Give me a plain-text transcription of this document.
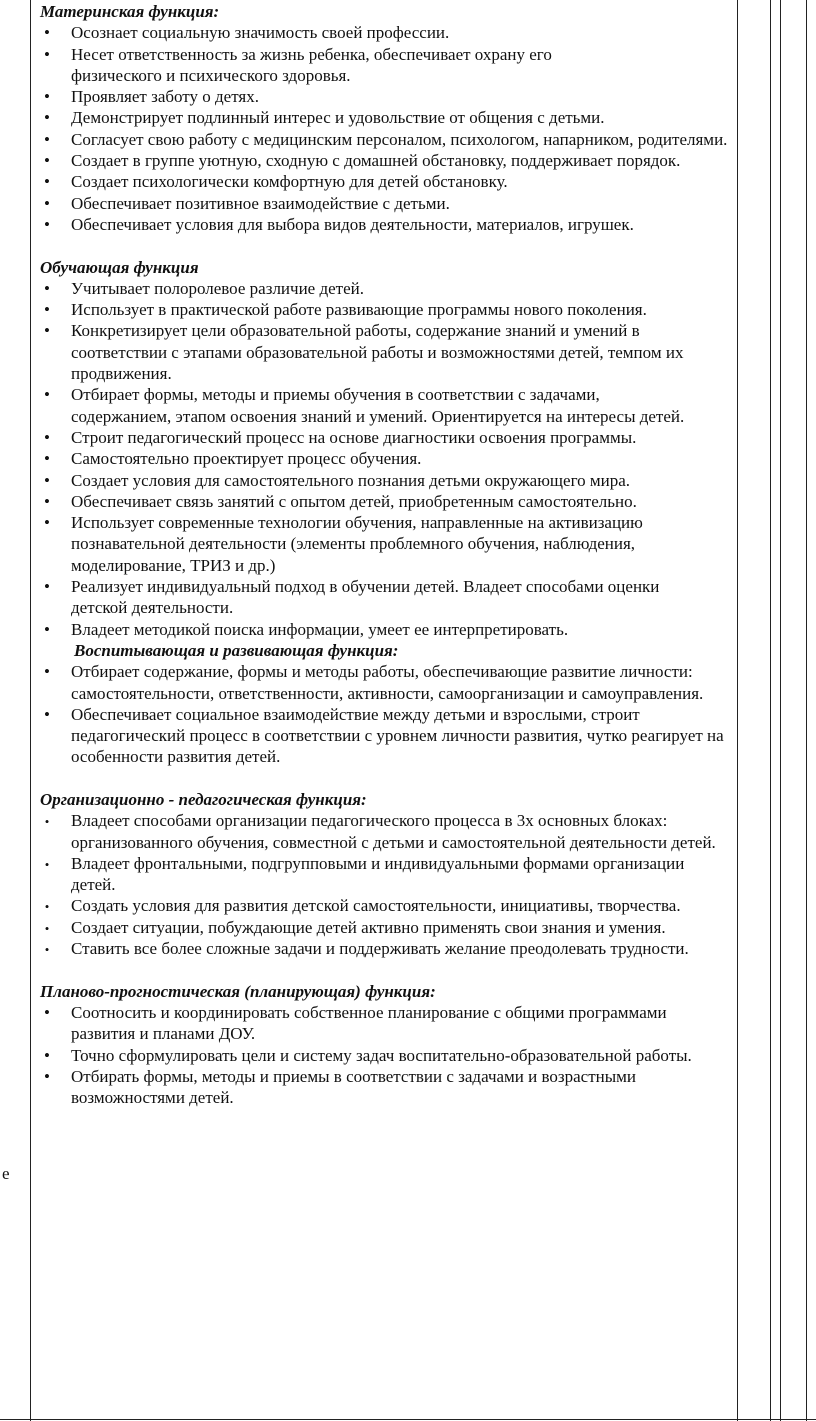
е

Материнская функция:

•
Осознает социальную значимость своей профессии.
•
Несет ответственность за жизнь ребенка, обеспечивает охрану его физического и психического здоровья.
•
Проявляет заботу о детях.
•
Демонстрирует подлинный интерес и удовольствие от общения с детьми.
•
Согласует свою работу с медицинским персоналом, психологом, напарником, родителями.
•
Создает в группе уютную, сходную с домашней обстановку, поддерживает порядок.
•
Создает психологически комфортную для детей обстановку.
•
Обеспечивает позитивное взаимодействие с детьми.
•
Обеспечивает условия для выбора видов деятельности, материалов, игрушек.

Обучающая функция

•
Учитывает полоролевое различие детей.
•
Использует в практической работе развивающие программы нового поколения.
•
Конкретизирует цели образовательной работы, содержание знаний и умений в соответствии с этапами образовательной работы и возможностями детей, темпом их продвижения.
•
Отбирает формы, методы и приемы обучения в соответствии с задачами, содержанием, этапом освоения знаний и умений. Ориентируется на интересы детей.
•
Строит педагогический процесс на основе диагностики освоения программы.
•
Самостоятельно проектирует процесс обучения.
•
Создает условия для самостоятельного познания детьми окружающего мира.
•
Обеспечивает связь занятий с опытом детей, приобретенным самостоятельно.
•
Использует современные технологии обучения, направленные на активизацию познавательной деятельности (элементы проблемного обучения, наблюдения, моделирование, ТРИЗ и др.)
•
Реализует индивидуальный подход в обучении детей. Владеет способами оценки детской деятельности.
•
Владеет методикой поиска информации, умеет ее интерпретировать.

Воспитывающая и развивающая функция:

•
Отбирает содержание, формы и методы работы, обеспечивающие развитие личности: самостоятельности, ответственности, активности, самоорганизации и самоуправления.
•
Обеспечивает социальное взаимодействие между детьми и взрослыми, строит педагогический процесс в соответствии с уровнем личности развития, чутко реагирует на особенности развития детей.

Организационно - педагогическая функция:

•
Владеет способами организации педагогического процесса в 3х основных блоках: организованного обучения, совместной с детьми и самостоятельной деятельности детей.
•
Владеет фронтальными, подгрупповыми и индивидуальными формами организации детей.
•
Создать условия для развития детской самостоятельности, инициативы, творчества.
•
Создает ситуации, побуждающие детей активно применять свои знания и умения.
•
Ставить все более сложные задачи и поддерживать желание преодолевать трудности.

Планово-прогностическая (планирующая) функция:

•
Соотносить и координировать собственное планирование с общими программами развития и планами ДОУ.
•
Точно сформулировать цели и систему задач воспитательно-образовательной работы.
•
Отбирать формы, методы и приемы в соответствии с задачами и возрастными возможностями детей.
